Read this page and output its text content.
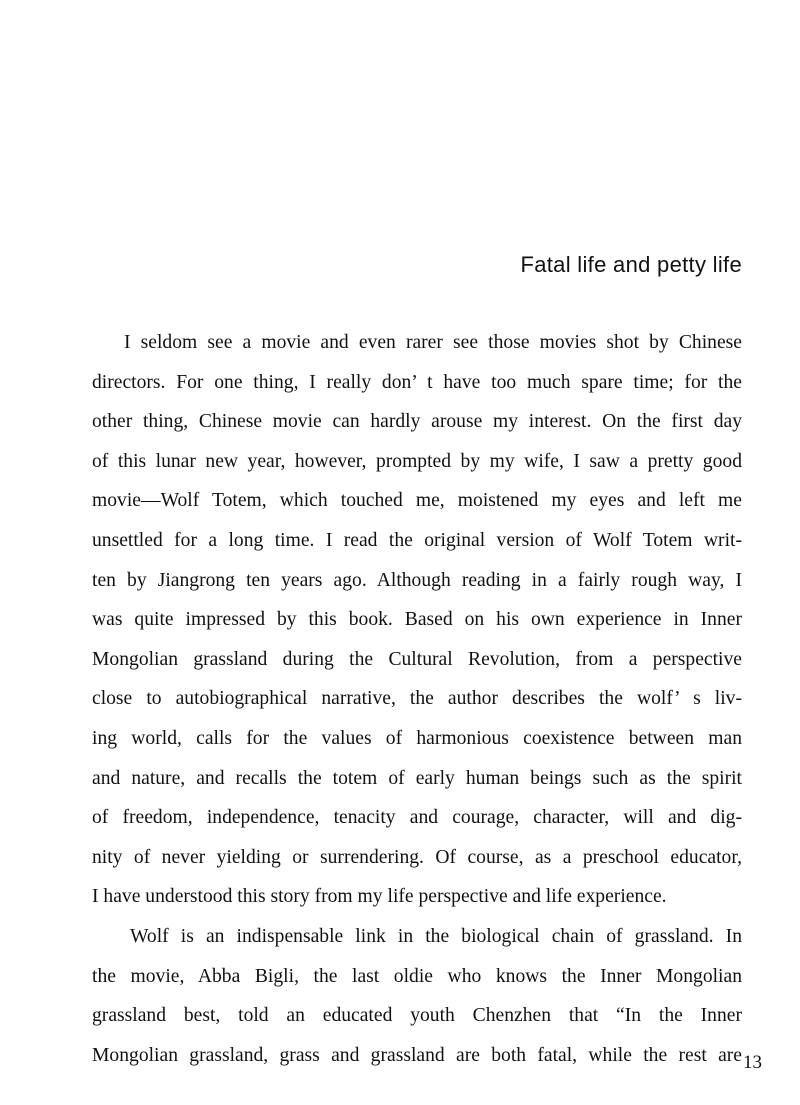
Fatal life and petty life
I seldom see a movie and even rarer see those movies shot by Chinese
directors. For one thing, I really don’ t have too much spare time; for the
other thing, Chinese movie can hardly arouse my interest. On the first day
of this lunar new year, however, prompted by my wife, I saw a pretty good
movie—Wolf Totem, which touched me, moistened my eyes and left me
unsettled for a long time. I read the original version of Wolf Totem writ-
ten by Jiangrong ten years ago. Although reading in a fairly rough way, I
was quite impressed by this book. Based on his own experience in Inner
Mongolian grassland during the Cultural Revolution, from a perspective
close to autobiographical narrative, the author describes the wolf’ s liv-
ing world, calls for the values of harmonious coexistence between man
and nature, and recalls the totem of early human beings such as the spirit
of freedom, independence, tenacity and courage, character, will and dig-
nity of never yielding or surrendering. Of course, as a preschool educator,
I have understood this story from my life perspective and life experience.
Wolf is an indispensable link in the biological chain of grassland. In
the movie, Abba Bigli, the last oldie who knows the Inner Mongolian
grassland best, told an educated youth Chenzhen that “In the Inner
Mongolian grassland, grass and grassland are both fatal, while the rest are 13
